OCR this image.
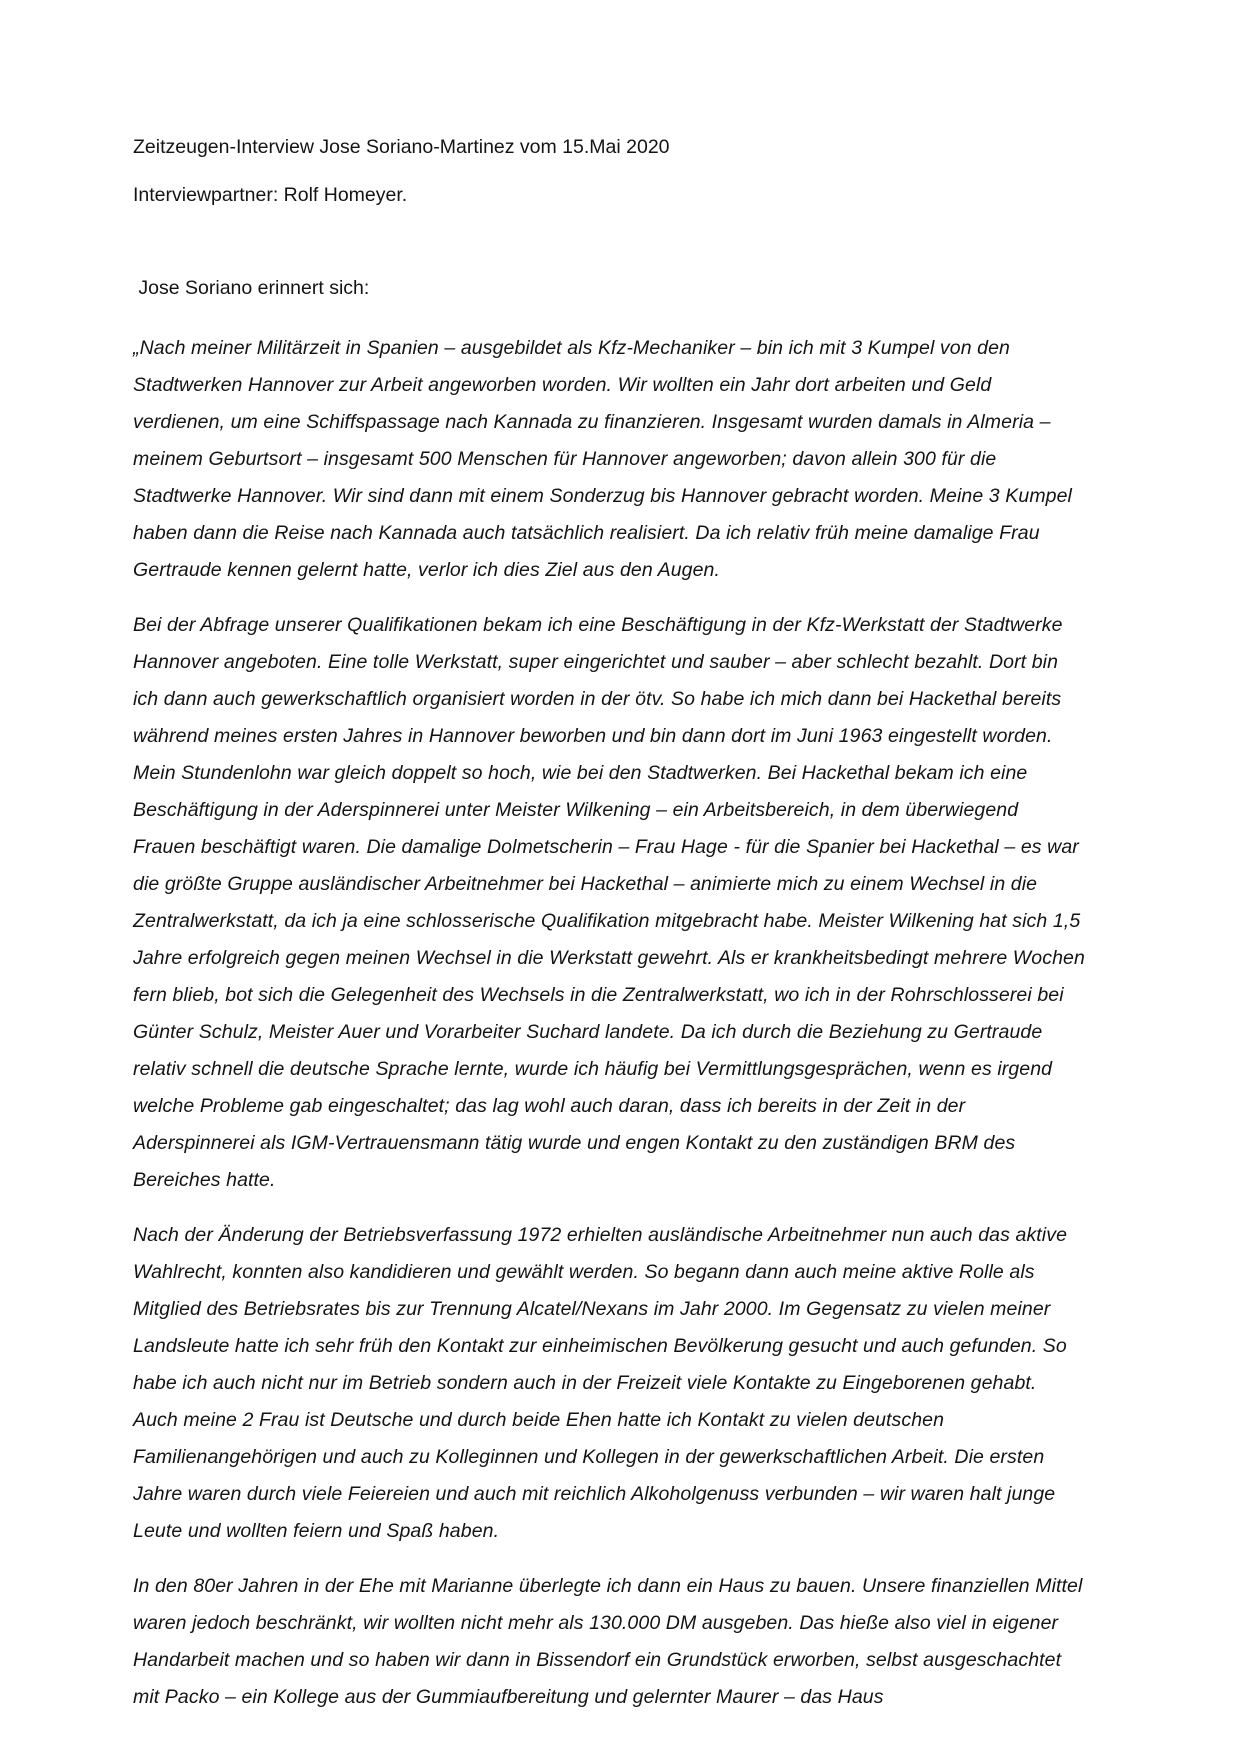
Zeitzeugen-Interview Jose Soriano-Martinez vom 15.Mai 2020
Interviewpartner: Rolf Homeyer.
Jose Soriano erinnert sich:

„Nach meiner Militärzeit in Spanien – ausgebildet als Kfz-Mechaniker – bin ich mit 3 Kumpel von den Stadtwerken Hannover zur Arbeit angeworben worden. Wir wollten ein Jahr dort arbeiten und Geld verdienen, um eine Schiffspassage nach Kannada zu finanzieren. Insgesamt wurden damals in Almeria – meinem Geburtsort – insgesamt 500 Menschen für Hannover angeworben; davon allein 300 für die Stadtwerke Hannover. Wir sind dann mit einem Sonderzug bis Hannover gebracht worden. Meine 3 Kumpel haben dann die Reise nach Kannada auch tatsächlich realisiert. Da ich relativ früh meine damalige Frau Gertraude kennen gelernt hatte, verlor ich dies Ziel aus den Augen.

Bei der Abfrage unserer Qualifikationen bekam ich eine Beschäftigung in der Kfz-Werkstatt der Stadtwerke Hannover angeboten. Eine tolle Werkstatt, super eingerichtet und sauber – aber schlecht bezahlt. Dort bin ich dann auch gewerkschaftlich organisiert worden in der ötv. So habe ich mich dann bei Hackethal bereits während meines ersten Jahres in Hannover beworben und bin dann dort im Juni 1963 eingestellt worden. Mein Stundenlohn war gleich doppelt so hoch, wie bei den Stadtwerken. Bei Hackethal bekam ich eine Beschäftigung in der Aderspinnerei unter Meister Wilkening – ein Arbeitsbereich, in dem überwiegend Frauen beschäftigt waren. Die damalige Dolmetscherin – Frau Hage - für die Spanier bei Hackethal – es war die größte Gruppe ausländischer Arbeitnehmer bei Hackethal – animierte mich zu einem Wechsel in die Zentralwerkstatt, da ich ja eine schlosserische Qualifikation mitgebracht habe. Meister Wilkening hat sich 1,5 Jahre erfolgreich gegen meinen Wechsel in die Werkstatt gewehrt. Als er krankheitsbedingt mehrere Wochen fern blieb, bot sich die Gelegenheit des Wechsels in die Zentralwerkstatt, wo ich in der Rohrschlosserei bei Günter Schulz, Meister Auer und Vorarbeiter Suchard landete. Da ich durch die Beziehung zu Gertraude relativ schnell die deutsche Sprache lernte, wurde ich häufig bei Vermittlungsgesprächen, wenn es irgend welche Probleme gab eingeschaltet; das lag wohl auch daran, dass ich bereits in der Zeit in der Aderspinnerei als IGM-Vertrauensmann tätig wurde und engen Kontakt zu den zuständigen BRM des Bereiches hatte.

Nach der Änderung der Betriebsverfassung 1972 erhielten ausländische Arbeitnehmer nun auch das aktive Wahlrecht, konnten also kandidieren und gewählt werden. So begann dann auch meine aktive Rolle als Mitglied des Betriebsrates bis zur Trennung Alcatel/Nexans im Jahr 2000. Im Gegensatz zu vielen meiner Landsleute hatte ich sehr früh den Kontakt zur einheimischen Bevölkerung gesucht und auch gefunden. So habe ich auch nicht nur im Betrieb sondern auch in der Freizeit viele Kontakte zu Eingeborenen gehabt. Auch meine 2 Frau ist Deutsche und durch beide Ehen hatte ich Kontakt zu vielen deutschen Familienangehörigen und auch zu Kolleginnen und Kollegen in der gewerkschaftlichen Arbeit. Die ersten Jahre waren durch viele Feiereien und auch mit reichlich Alkoholgenuss verbunden – wir waren halt junge Leute und wollten feiern und Spaß haben.

In den 80er Jahren in der Ehe mit Marianne überlegte ich dann ein Haus zu bauen. Unsere finanziellen Mittel waren jedoch beschränkt, wir wollten nicht mehr als 130.000 DM ausgeben. Das hieße also viel in eigener Handarbeit machen und so haben wir dann in Bissendorf ein Grundstück erworben, selbst ausgeschachtet mit Packo – ein Kollege aus der Gummiaufbereitung und gelernter Maurer – das Haus
